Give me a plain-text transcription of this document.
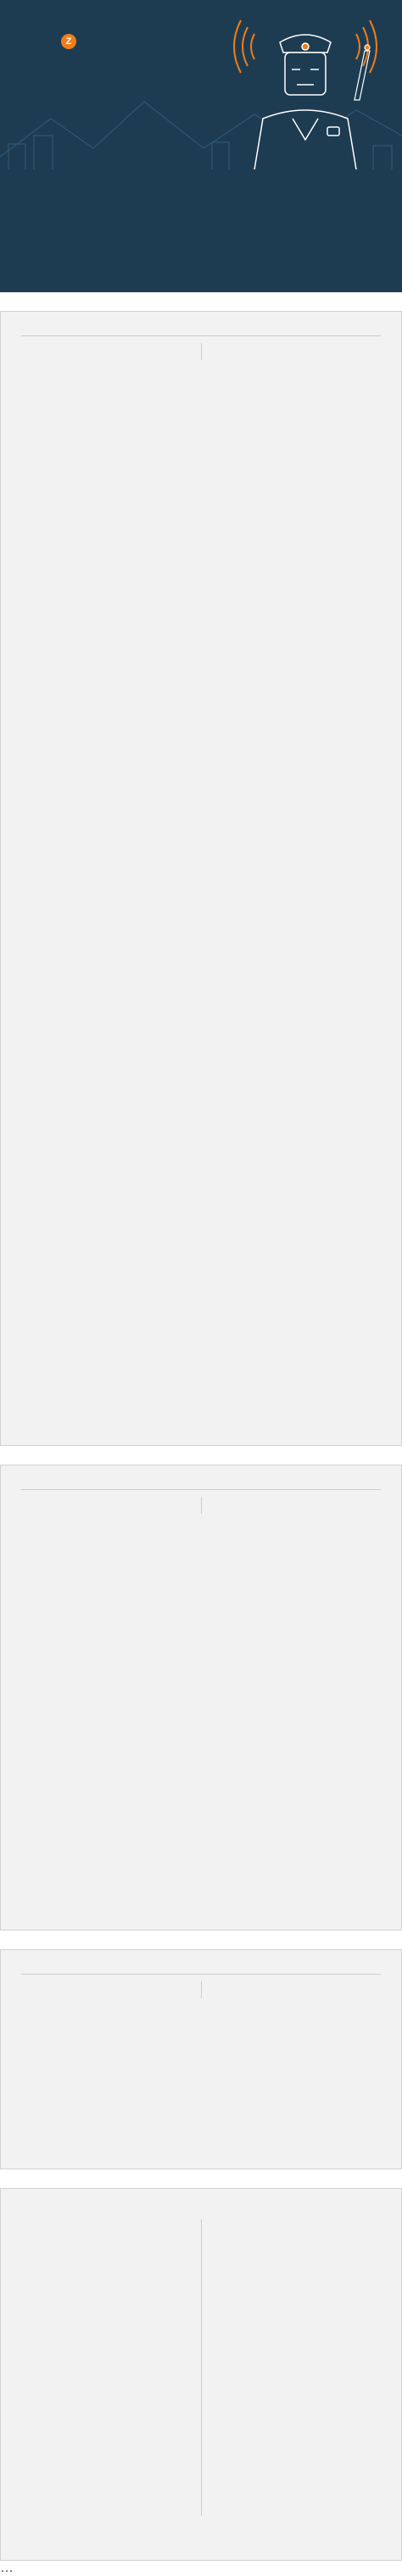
Z
…
